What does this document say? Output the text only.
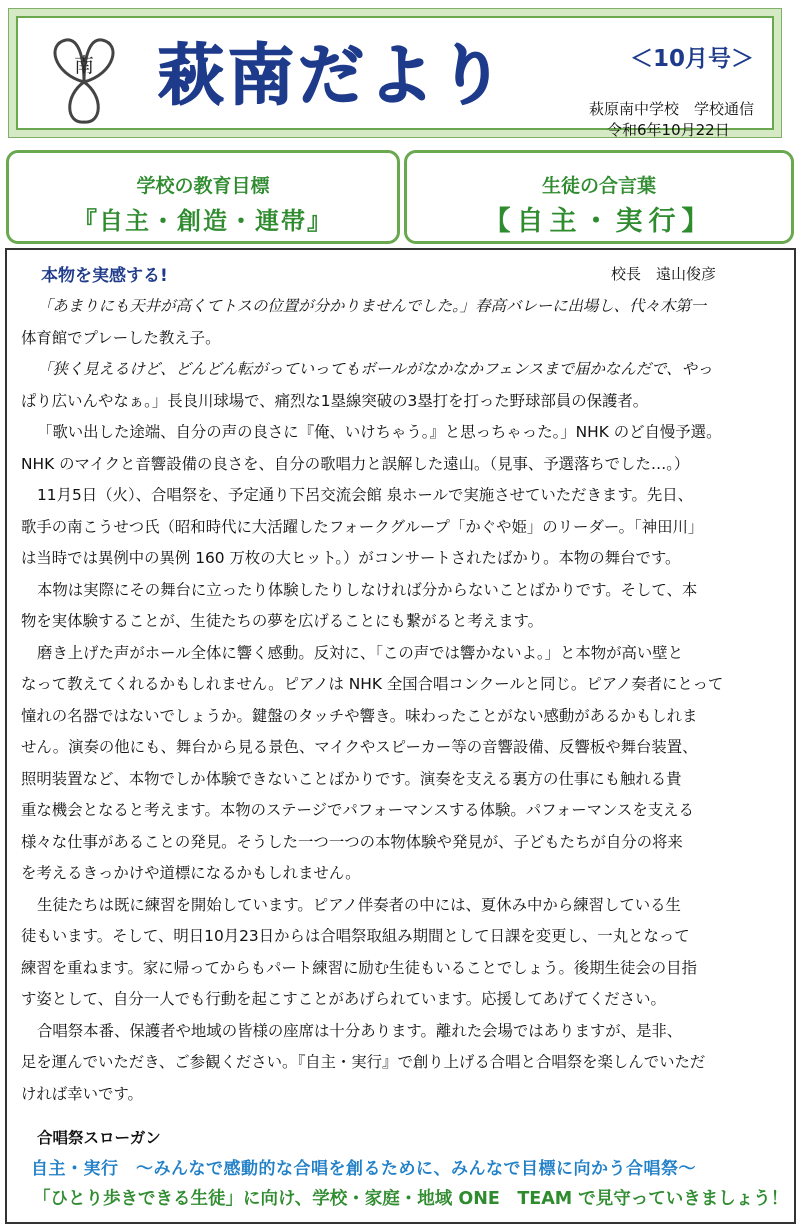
南 萩南だより	＜10月号＞
萩原南中学校　学校通信
令和6年10月22日
学校の教育目標
『自主・創造・連帯』
生徒の合言葉
【自主・実行】
本物を実感する!	校長　遠山俊彦
「あまりにも天井が高くてトスの位置が分かりませんでした。」春高バレーに出場し、代々木第一
体育館でプレーした教え子。
「狭く見えるけど、どんどん転がっていってもボールがなかなかフェンスまで届かなんだで、やっ
ぱり広いんやなぁ。」長良川球場で、痛烈な1塁線突破の3塁打を打った野球部員の保護者。
「歌い出した途端、自分の声の良さに『俺、いけちゃう。』と思っちゃった。」NHK のど自慢予選。
NHK のマイクと音響設備の良さを、自分の歌唱力と誤解した遠山。（見事、予選落ちでした…。）
11月5日（火）、合唱祭を、予定通り下呂交流会館 泉ホールで実施させていただきます。先日、
歌手の南こうせつ氏（昭和時代に大活躍したフォークグループ「かぐや姫」のリーダー。「神田川」
は当時では異例中の異例 160 万枚の大ヒット。）がコンサートされたばかり。本物の舞台です。
本物は実際にその舞台に立ったり体験したりしなければ分からないことばかりです。そして、本
物を実体験することが、生徒たちの夢を広げることにも繋がると考えます。
磨き上げた声がホール全体に響く感動。反対に、「この声では響かないよ。」と本物が高い壁と
なって教えてくれるかもしれません。ピアノは NHK 全国合唱コンクールと同じ。ピアノ奏者にとって
憧れの名器ではないでしょうか。鍵盤のタッチや響き。味わったことがない感動があるかもしれま
せん。演奏の他にも、舞台から見る景色、マイクやスピーカー等の音響設備、反響板や舞台装置、
照明装置など、本物でしか体験できないことばかりです。演奏を支える裏方の仕事にも触れる貴
重な機会となると考えます。本物のステージでパフォーマンスする体験。パフォーマンスを支える
様々な仕事があることの発見。そうした一つ一つの本物体験や発見が、子どもたちが自分の将来
を考えるきっかけや道標になるかもしれません。
生徒たちは既に練習を開始しています。ピアノ伴奏者の中には、夏休み中から練習している生
徒もいます。そして、明日10月23日からは合唱祭取組み期間として日課を変更し、一丸となって
練習を重ねます。家に帰ってからもパート練習に励む生徒もいることでしょう。後期生徒会の目指
す姿として、自分一人でも行動を起こすことがあげられています。応援してあげてください。
合唱祭本番、保護者や地域の皆様の座席は十分あります。離れた会場ではありますが、是非、
足を運んでいただき、ご参観ください。『自主・実行』で創り上げる合唱と合唱祭を楽しんでいただ
合唱祭スローガン
自主・実行　～みんなで感動的な合唱を創るために、みんなで目標に向かう合唱祭～
「ひとり歩きできる生徒」に向け、学校・家庭・地域 ONE　TEAM で見守っていきましょう！
ければ幸いです。
